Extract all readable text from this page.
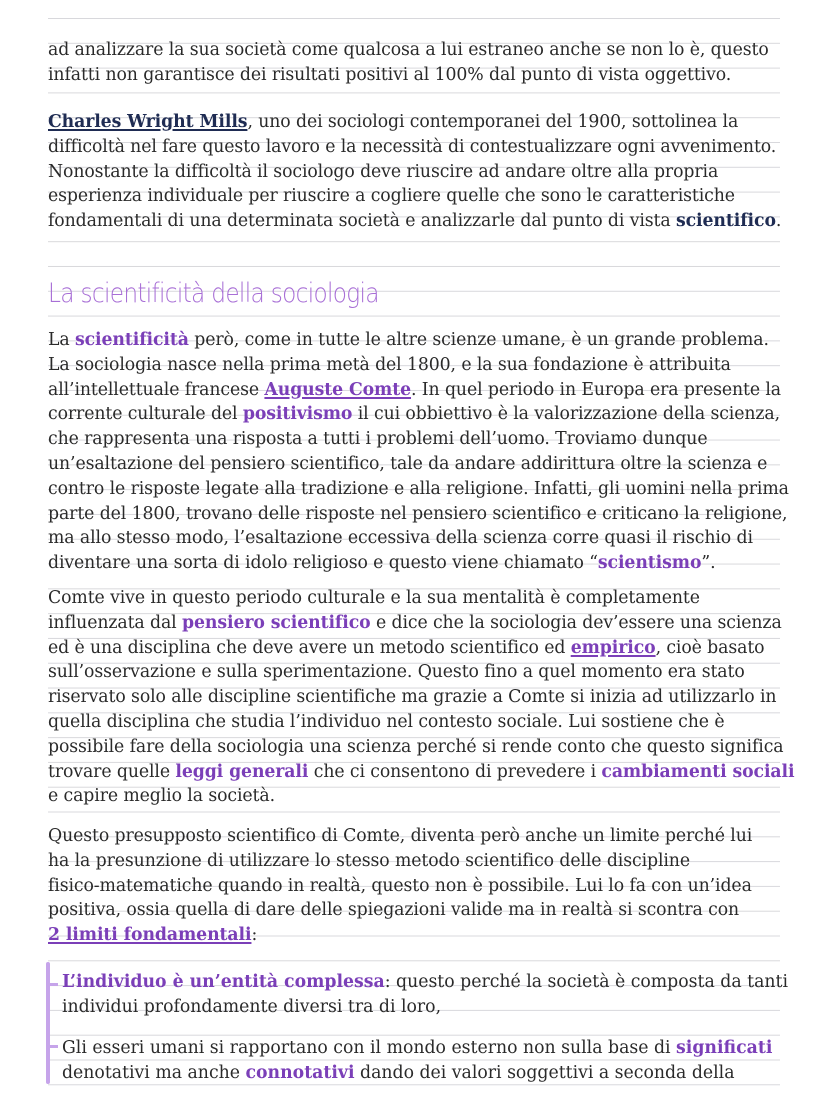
ad analizzare la sua società come qualcosa a lui estraneo anche se non lo è, questo
infatti non garantisce dei risultati positivi al 100% dal punto di vista oggettivo.
Charles Wright Mills, uno dei sociologi contemporanei del 1900, sottolinea la
difficoltà nel fare questo lavoro e la necessità di contestualizzare ogni avvenimento.
Nonostante la difficoltà il sociologo deve riuscire ad andare oltre alla propria
esperienza individuale per riuscire a cogliere quelle che sono le caratteristiche
fondamentali di una determinata società e analizzarle dal punto di vista scientifico.
La scientificità della sociologia
La scientificità però, come in tutte le altre scienze umane, è un grande problema.
La sociologia nasce nella prima metà del 1800, e la sua fondazione è attribuita
all’intellettuale francese Auguste Comte. In quel periodo in Europa era presente la
corrente culturale del positivismo il cui obbiettivo è la valorizzazione della scienza,
che rappresenta una risposta a tutti i problemi dell’uomo. Troviamo dunque
un’esaltazione del pensiero scientifico, tale da andare addirittura oltre la scienza e
contro le risposte legate alla tradizione e alla religione. Infatti, gli uomini nella prima
parte del 1800, trovano delle risposte nel pensiero scientifico e criticano la religione,
ma allo stesso modo, l’esaltazione eccessiva della scienza corre quasi il rischio di
diventare una sorta di idolo religioso e questo viene chiamato “scientismo”.
Comte vive in questo periodo culturale e la sua mentalità è completamente
influenzata dal pensiero scientifico e dice che la sociologia dev’essere una scienza
ed è una disciplina che deve avere un metodo scientifico ed empirico, cioè basato
sull’osservazione e sulla sperimentazione. Questo fino a quel momento era stato
riservato solo alle discipline scientifiche ma grazie a Comte si inizia ad utilizzarlo in
quella disciplina che studia l’individuo nel contesto sociale. Lui sostiene che è
possibile fare della sociologia una scienza perché si rende conto che questo significa
trovare quelle leggi generali che ci consentono di prevedere i cambiamenti sociali
e capire meglio la società.
Questo presupposto scientifico di Comte, diventa però anche un limite perché lui
ha la presunzione di utilizzare lo stesso metodo scientifico delle discipline
fisico-matematiche quando in realtà, questo non è possibile. Lui lo fa con un’idea
positiva, ossia quella di dare delle spiegazioni valide ma in realtà si scontra con
2 limiti fondamentali:
L’individuo è un’entità complessa: questo perché la società è composta da tanti
individui profondamente diversi tra di loro,
Gli esseri umani si rapportano con il mondo esterno non sulla base di significati
denotativi ma anche connotativi dando dei valori soggettivi a seconda della
